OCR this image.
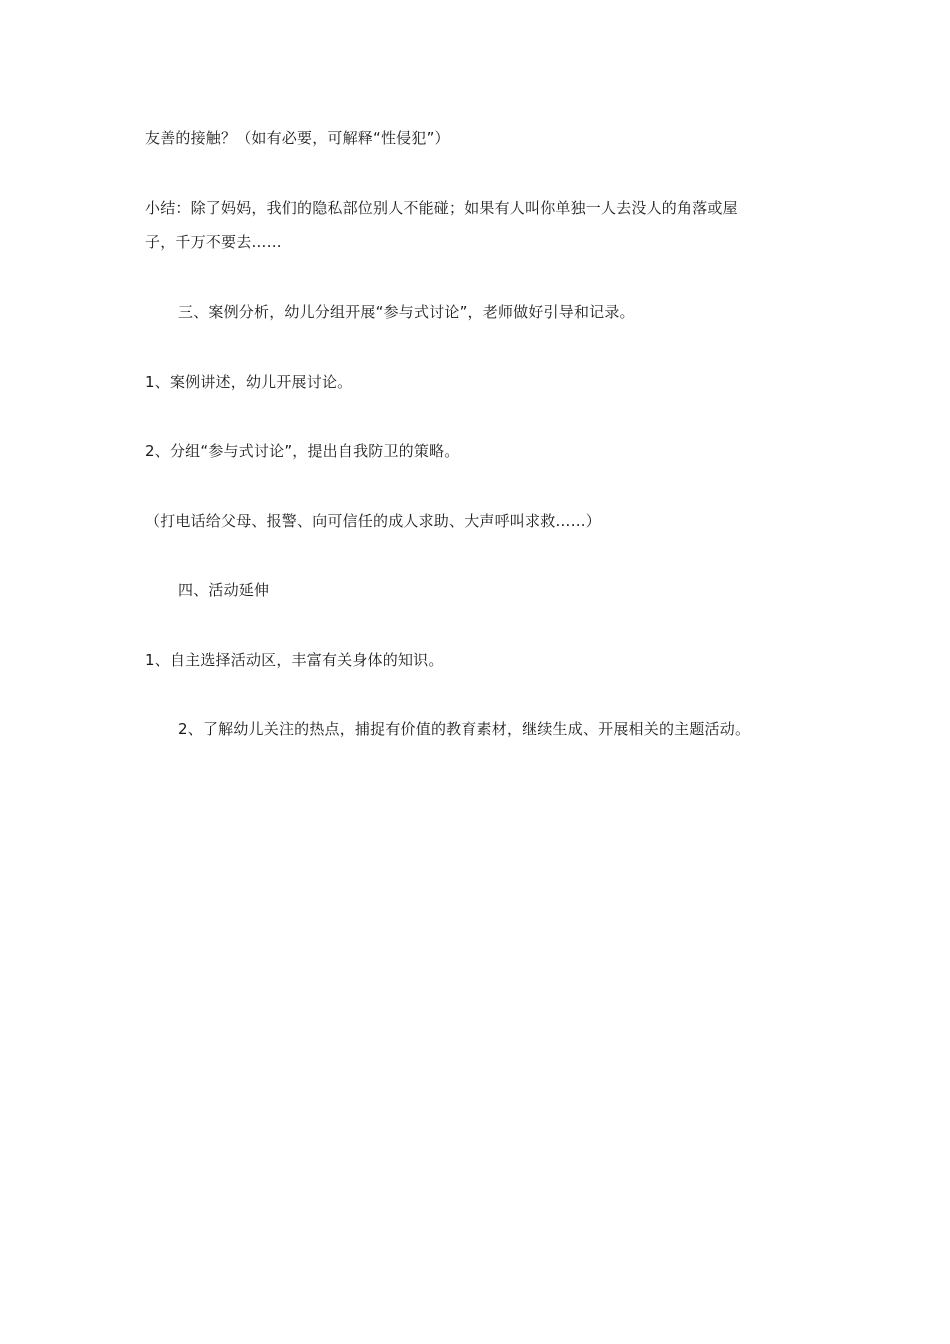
友善的接触？（如有必要，可解释“性侵犯”）
小结：除了妈妈，我们的隐私部位别人不能碰；如果有人叫你单独一人去没人的角落或屋
子，千万不要去……
三、案例分析，幼儿分组开展“参与式讨论”，老师做好引导和记录。
1、案例讲述，幼儿开展讨论。
2、分组“参与式讨论”，提出自我防卫的策略。
（打电话给父母、报警、向可信任的成人求助、大声呼叫求救……）
四、活动延伸
1、自主选择活动区，丰富有关身体的知识。
2、了解幼儿关注的热点，捕捉有价值的教育素材，继续生成、开展相关的主题活动。
